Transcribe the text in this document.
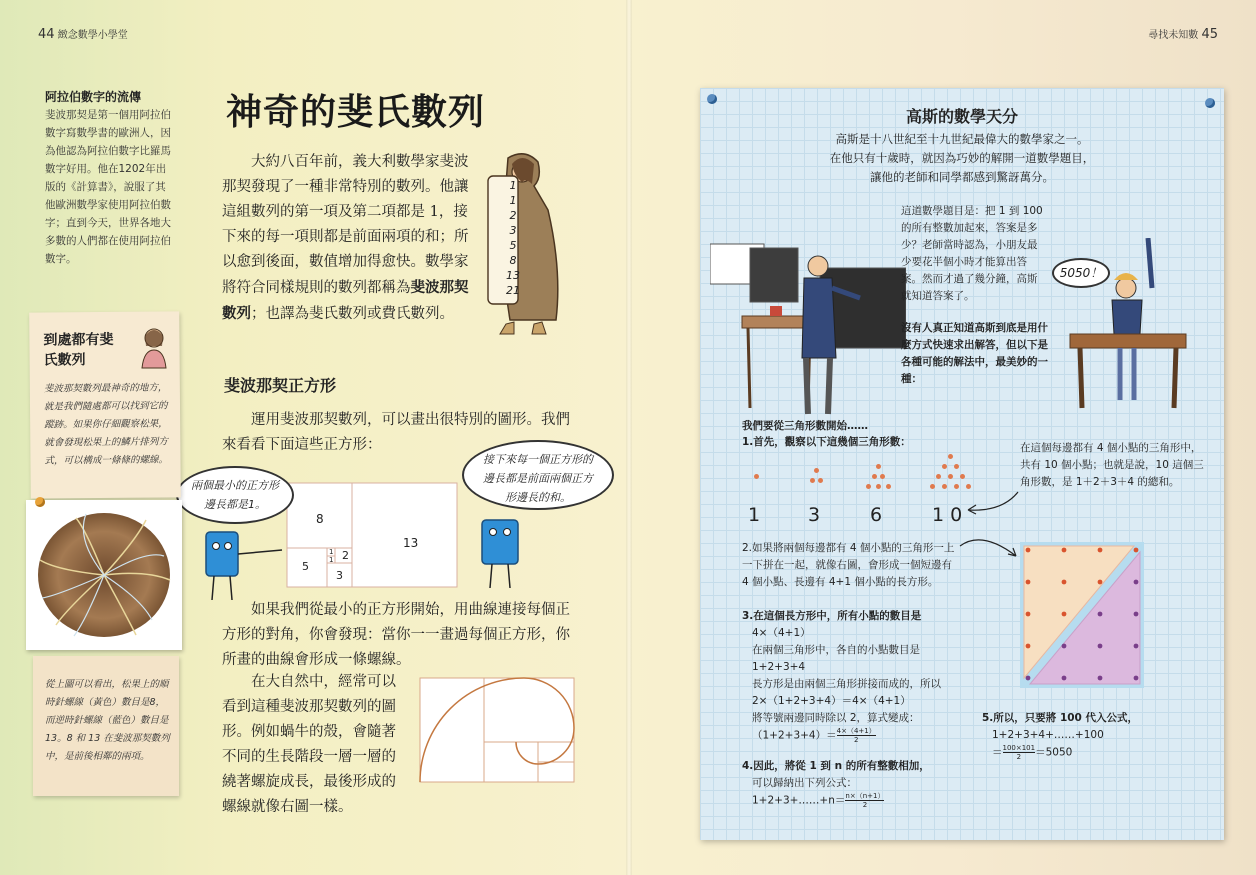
44 緻念數學小學堂	尋找未知數 45
阿拉伯數字的流傳
斐波那契是第一個用阿拉伯數字寫數學書的歐洲人，因為他認為阿拉伯數字比羅馬數字好用。他在1202年出版的《計算書》，說服了其他歐洲數學家使用阿拉伯數字；直到今天，世界各地大多數的人們都在使用阿拉伯數字。
神奇的斐氏數列
大約八百年前，義大利數學家斐波那契發現了一種非常特別的數列。他讓這組數列的第一項及第二項都是 1，接下來的每一項則都是前面兩項的和；所以愈到後面，數值增加得愈快。數學家將符合同樣規則的數列都稱為斐波那契數列；也譯為斐氏數列或費氏數列。
1
1
2
3
5
8
13
21
斐波那契正方形
運用斐波那契數列，可以畫出很特別的圖形。我們來看看下面這些正方形：
8
13
1
1 2
5
3
兩個最小的正方形邊長都是1。
接下來每一個正方形的邊長都是前面兩個正方形邊長的和。
如果我們從最小的正方形開始，用曲線連接每個正方形的對角，你會發現：當你一一畫過每個正方形，你所畫的曲線會形成一條螺線。
在大自然中，經常可以看到這種斐波那契數列的圖形。例如蝸牛的殼，會隨著不同的生長階段一層一層的繞著螺旋成長，最後形成的螺線就像右圖一樣。
到處都有斐氏數列
斐波那契數列最神奇的地方，就是我們隨處都可以找到它的蹤跡。如果你仔細觀察松果，就會發現松果上的鱗片排列方式，可以構成一條條的螺線。
從上圖可以看出，松果上的順時針螺線（黃色）數目是8，而逆時針螺線（藍色）數目是13。8 和 13 在斐波那契數列中，是前後相鄰的兩項。
高斯的數學天分
高斯是十八世紀至十九世紀最偉大的數學家之一。
在他只有十歲時，就因為巧妙的解開一道數學題目，
讓他的老師和同學都感到驚訝萬分。
這道數學題目是：把 1 到 100 的所有整數加起來，答案是多少？老師當時認為，小朋友最少要花半個小時才能算出答案。然而才過了幾分鐘，高斯就知道答案了。
沒有人真正知道高斯到底是用什麼方式快速求出解答，但以下是各種可能的解法中，最美妙的一種：
5050！
我們要從三角形數開始……
1.首先，觀察以下這幾個三角形數：
1	3	6	10
在這個每邊都有 4 個小點的三角形中，共有 10 個小點；也就是說，10 這個三角形數，是 1＋2＋3＋4 的總和。
2.如果將兩個每邊都有 4 個小點的三角形一上一下拼在一起，就像右圖，會形成一個短邊有 4 個小點、長邊有 4+1 個小點的長方形。
3.在這個長方形中，所有小點的數目是
4×（4+1）
在兩個三角形中，各自的小點數目是
1+2+3+4
長方形是由兩個三角形拼接而成的，所以
2×（1+2+3+4）＝4×（4+1）
將等號兩邊同時除以 2，算式變成：
$(1+2+3+4)= \frac{4\times(4+1)}{2}$
4.因此，將從 1 到 n 的所有整數相加，
可以歸納出下列公式：
1+2+3+……+n＝ $\frac{n\times(n+1)}{2}$
5.所以，只要將 100 代入公式，
1+2+3+4+……+100
＝ $\frac{100\times 101}{2} =5050$
